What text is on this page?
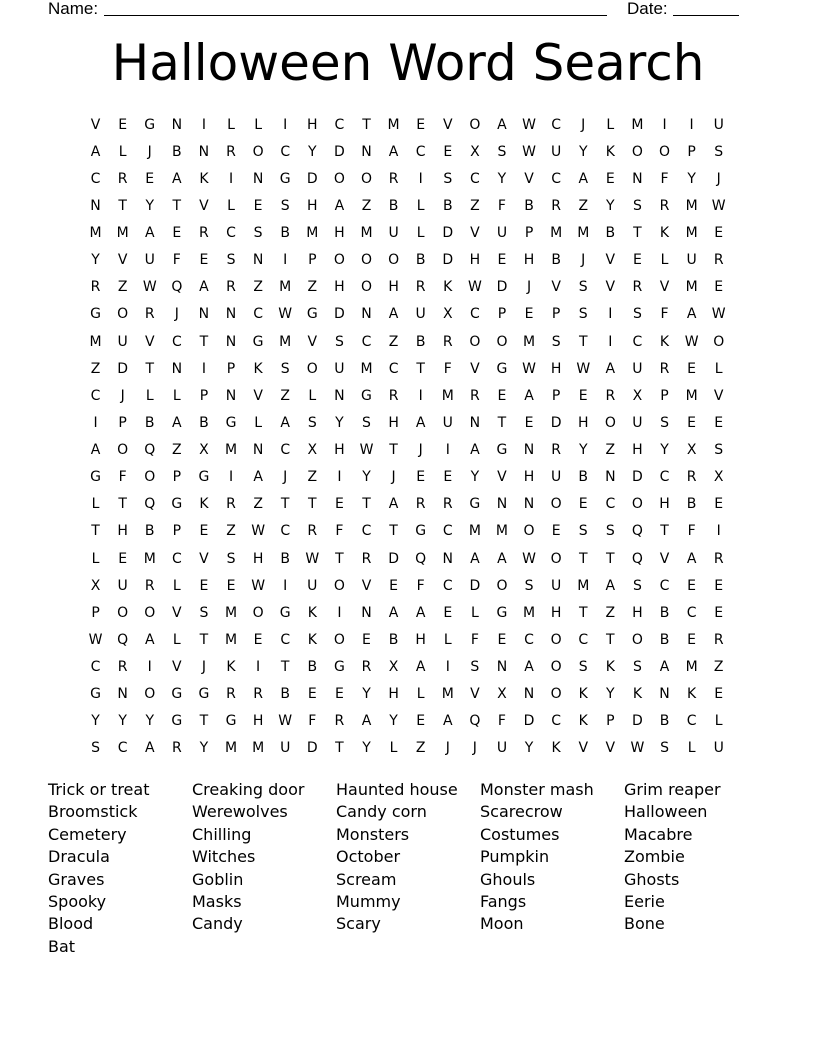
Name:	Date:
Halloween Word Search
V	E	G	N	I	L	L	I	H	C	T	M	E	V	O	A	W	C	J	L	M	I	I	U
A	L	J	B	N	R	O	C	Y	D	N	A	C	E	X	S	W	U	Y	K	O	O	P	S
C	R	E	A	K	I	N	G	D	O	O	R	I	S	C	Y	V	C	A	E	N	F	Y	J
N	T	Y	T	V	L	E	S	H	A	Z	B	L	B	Z	F	B	R	Z	Y	S	R	M	W
M	M	A	E	R	C	S	B	M	H	M	U	L	D	V	U	P	M	M	B	T	K	M	E
Y	V	U	F	E	S	N	I	P	O	O	O	B	D	H	E	H	B	J	V	E	L	U	R
R	Z	W	Q	A	R	Z	M	Z	H	O	H	R	K	W	D	J	V	S	V	R	V	M	E
G	O	R	J	N	N	C	W	G	D	N	A	U	X	C	P	E	P	S	I	S	F	A	W
M	U	V	C	T	N	G	M	V	S	C	Z	B	R	O	O	M	S	T	I	C	K	W	O
Z	D	T	N	I	P	K	S	O	U	M	C	T	F	V	G	W	H	W	A	U	R	E	L
C	J	L	L	P	N	V	Z	L	N	G	R	I	M	R	E	A	P	E	R	X	P	M	V
I	P	B	A	B	G	L	A	S	Y	S	H	A	U	N	T	E	D	H	O	U	S	E	E
A	O	Q	Z	X	M	N	C	X	H	W	T	J	I	A	G	N	R	Y	Z	H	Y	X	S
G	F	O	P	G	I	A	J	Z	I	Y	J	E	E	Y	V	H	U	B	N	D	C	R	X
L	T	Q	G	K	R	Z	T	T	E	T	A	R	R	G	N	N	O	E	C	O	H	B	E
T	H	B	P	E	Z	W	C	R	F	C	T	G	C	M	M	O	E	S	S	Q	T	F	I
L	E	M	C	V	S	H	B	W	T	R	D	Q	N	A	A	W	O	T	T	Q	V	A	R
X	U	R	L	E	E	W	I	U	O	V	E	F	C	D	O	S	U	M	A	S	C	E	E
P	O	O	V	S	M	O	G	K	I	N	A	A	E	L	G	M	H	T	Z	H	B	C	E
W	Q	A	L	T	M	E	C	K	O	E	B	H	L	F	E	C	O	C	T	O	B	E	R
C	R	I	V	J	K	I	T	B	G	R	X	A	I	S	N	A	O	S	K	S	A	M	Z
G	N	O	G	G	R	R	B	E	E	Y	H	L	M	V	X	N	O	K	Y	K	N	K	E
Y	Y	Y	G	T	G	H	W	F	R	A	Y	E	A	Q	F	D	C	K	P	D	B	C	L
S	C	A	R	Y	M	M	U	D	T	Y	L	Z	J	J	U	Y	K	V	V	W	S	L	U
Trick or treat	Creaking door	Haunted house	Monster mash	Grim reaper
Broomstick	Werewolves	Candy corn	Scarecrow	Halloween
Cemetery	Chilling	Monsters	Costumes	Macabre
Dracula	Witches	October	Pumpkin	Zombie
Graves	Goblin	Scream	Ghouls	Ghosts
Spooky	Masks	Mummy	Fangs	Eerie
Blood	Candy	Scary	Moon	Bone
Bat
